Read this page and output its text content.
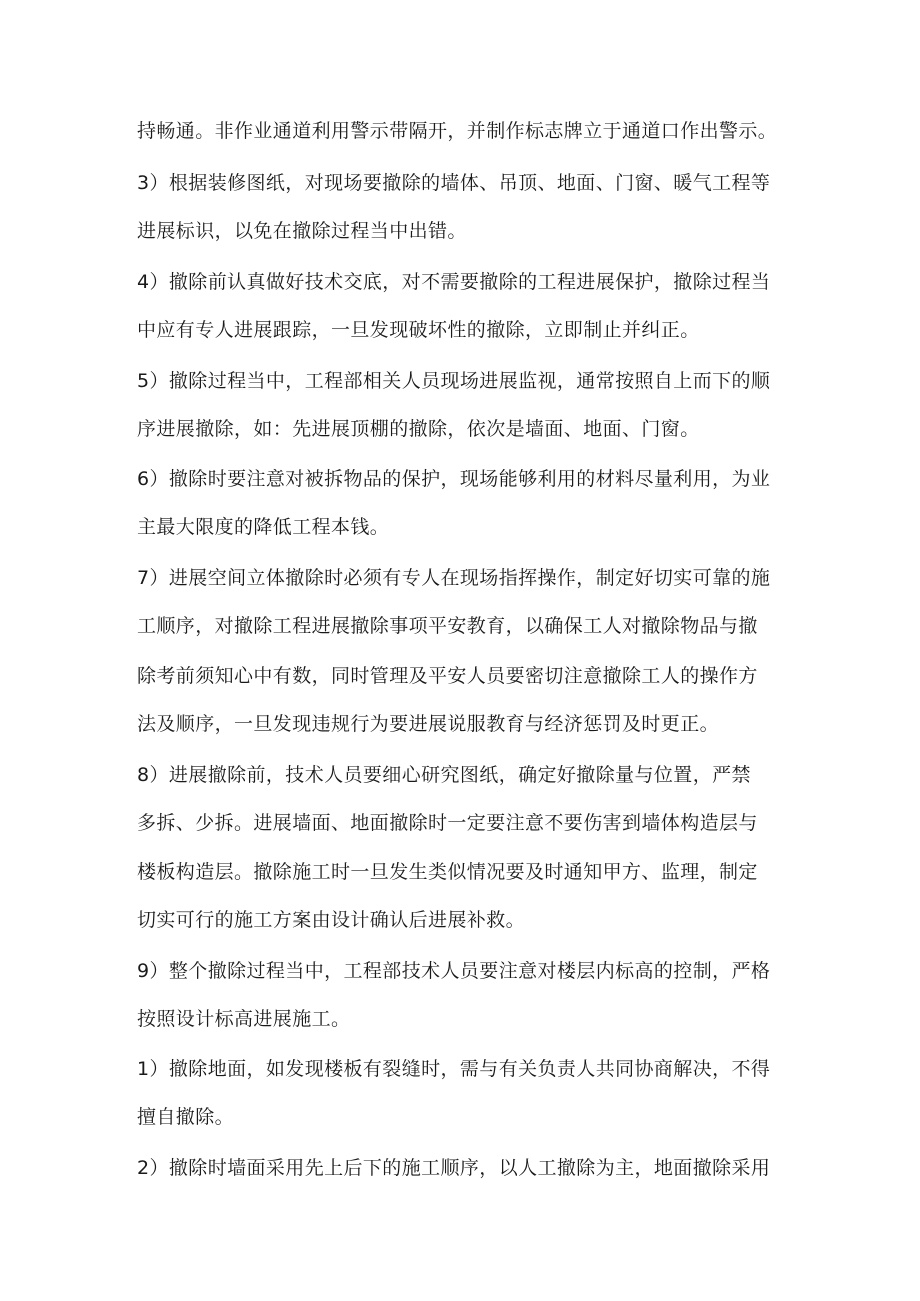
持畅通。非作业通道利用警示带隔开，并制作标志牌立于通道口作出警示。
3）根据装修图纸，对现场要撤除的墙体、吊顶、地面、门窗、暖气工程等
进展标识，以免在撤除过程当中出错。
4）撤除前认真做好技术交底，对不需要撤除的工程进展保护，撤除过程当
中应有专人进展跟踪，一旦发现破坏性的撤除，立即制止并纠正。
5）撤除过程当中，工程部相关人员现场进展监视，通常按照自上而下的顺
序进展撤除，如：先进展顶棚的撤除，依次是墙面、地面、门窗。
6）撤除时要注意对被拆物品的保护，现场能够利用的材料尽量利用，为业
主最大限度的降低工程本钱。
7）进展空间立体撤除时必须有专人在现场指挥操作，制定好切实可靠的施
工顺序，对撤除工程进展撤除事项平安教育，以确保工人对撤除物品与撤
除考前须知心中有数，同时管理及平安人员要密切注意撤除工人的操作方
法及顺序，一旦发现违规行为要进展说服教育与经济惩罚及时更正。
8）进展撤除前，技术人员要细心研究图纸，确定好撤除量与位置，严禁
多拆、少拆。进展墙面、地面撤除时一定要注意不要伤害到墙体构造层与
楼板构造层。撤除施工时一旦发生类似情况要及时通知甲方、监理，制定
切实可行的施工方案由设计确认后进展补救。
9）整个撤除过程当中，工程部技术人员要注意对楼层内标高的控制，严格
按照设计标高进展施工。
1）撤除地面，如发现楼板有裂缝时，需与有关负责人共同协商解决，不得
擅自撤除。
2）撤除时墙面采用先上后下的施工顺序，以人工撤除为主，地面撤除采用
